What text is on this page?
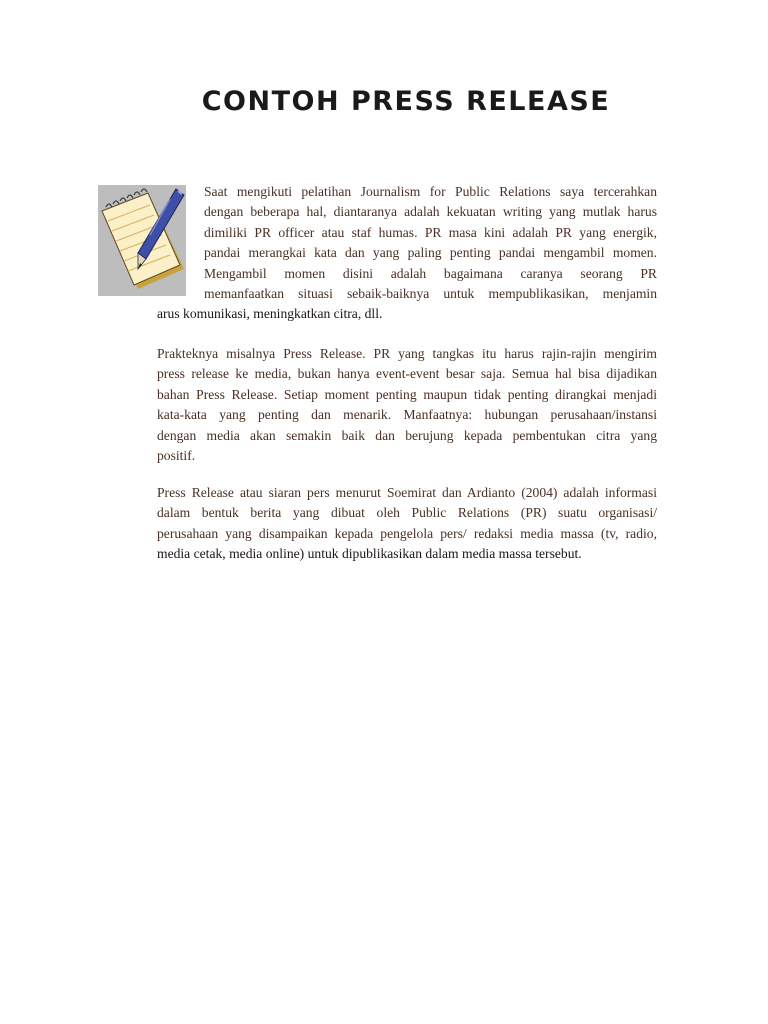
CONTOH PRESS RELEASE
Saat mengikuti pelatihan Journalism for Public Relations saya tercerahkan
dengan beberapa hal, diantaranya adalah kekuatan writing yang mutlak harus
dimiliki PR officer atau staf humas. PR masa kini adalah PR yang energik,
pandai merangkai kata dan yang paling penting pandai mengambil momen.
Mengambil momen disini adalah bagaimana caranya seorang PR
memanfaatkan situasi sebaik-baiknya untuk mempublikasikan, menjamin
arus komunikasi, meningkatkan citra, dll.
Prakteknya misalnya Press Release. PR yang tangkas itu harus rajin-rajin mengirim
press release ke media, bukan hanya event-event besar saja. Semua hal bisa dijadikan
bahan Press Release. Setiap moment penting maupun tidak penting dirangkai menjadi
kata-kata yang penting dan menarik. Manfaatnya: hubungan perusahaan/instansi
dengan media akan semakin baik dan berujung kepada pembentukan citra yang
positif.
Press Release atau siaran pers menurut Soemirat dan Ardianto (2004) adalah informasi
dalam bentuk berita yang dibuat oleh Public Relations (PR) suatu organisasi/
perusahaan yang disampaikan kepada pengelola pers/ redaksi media massa (tv, radio,
media cetak, media online) untuk dipublikasikan dalam media massa tersebut.
